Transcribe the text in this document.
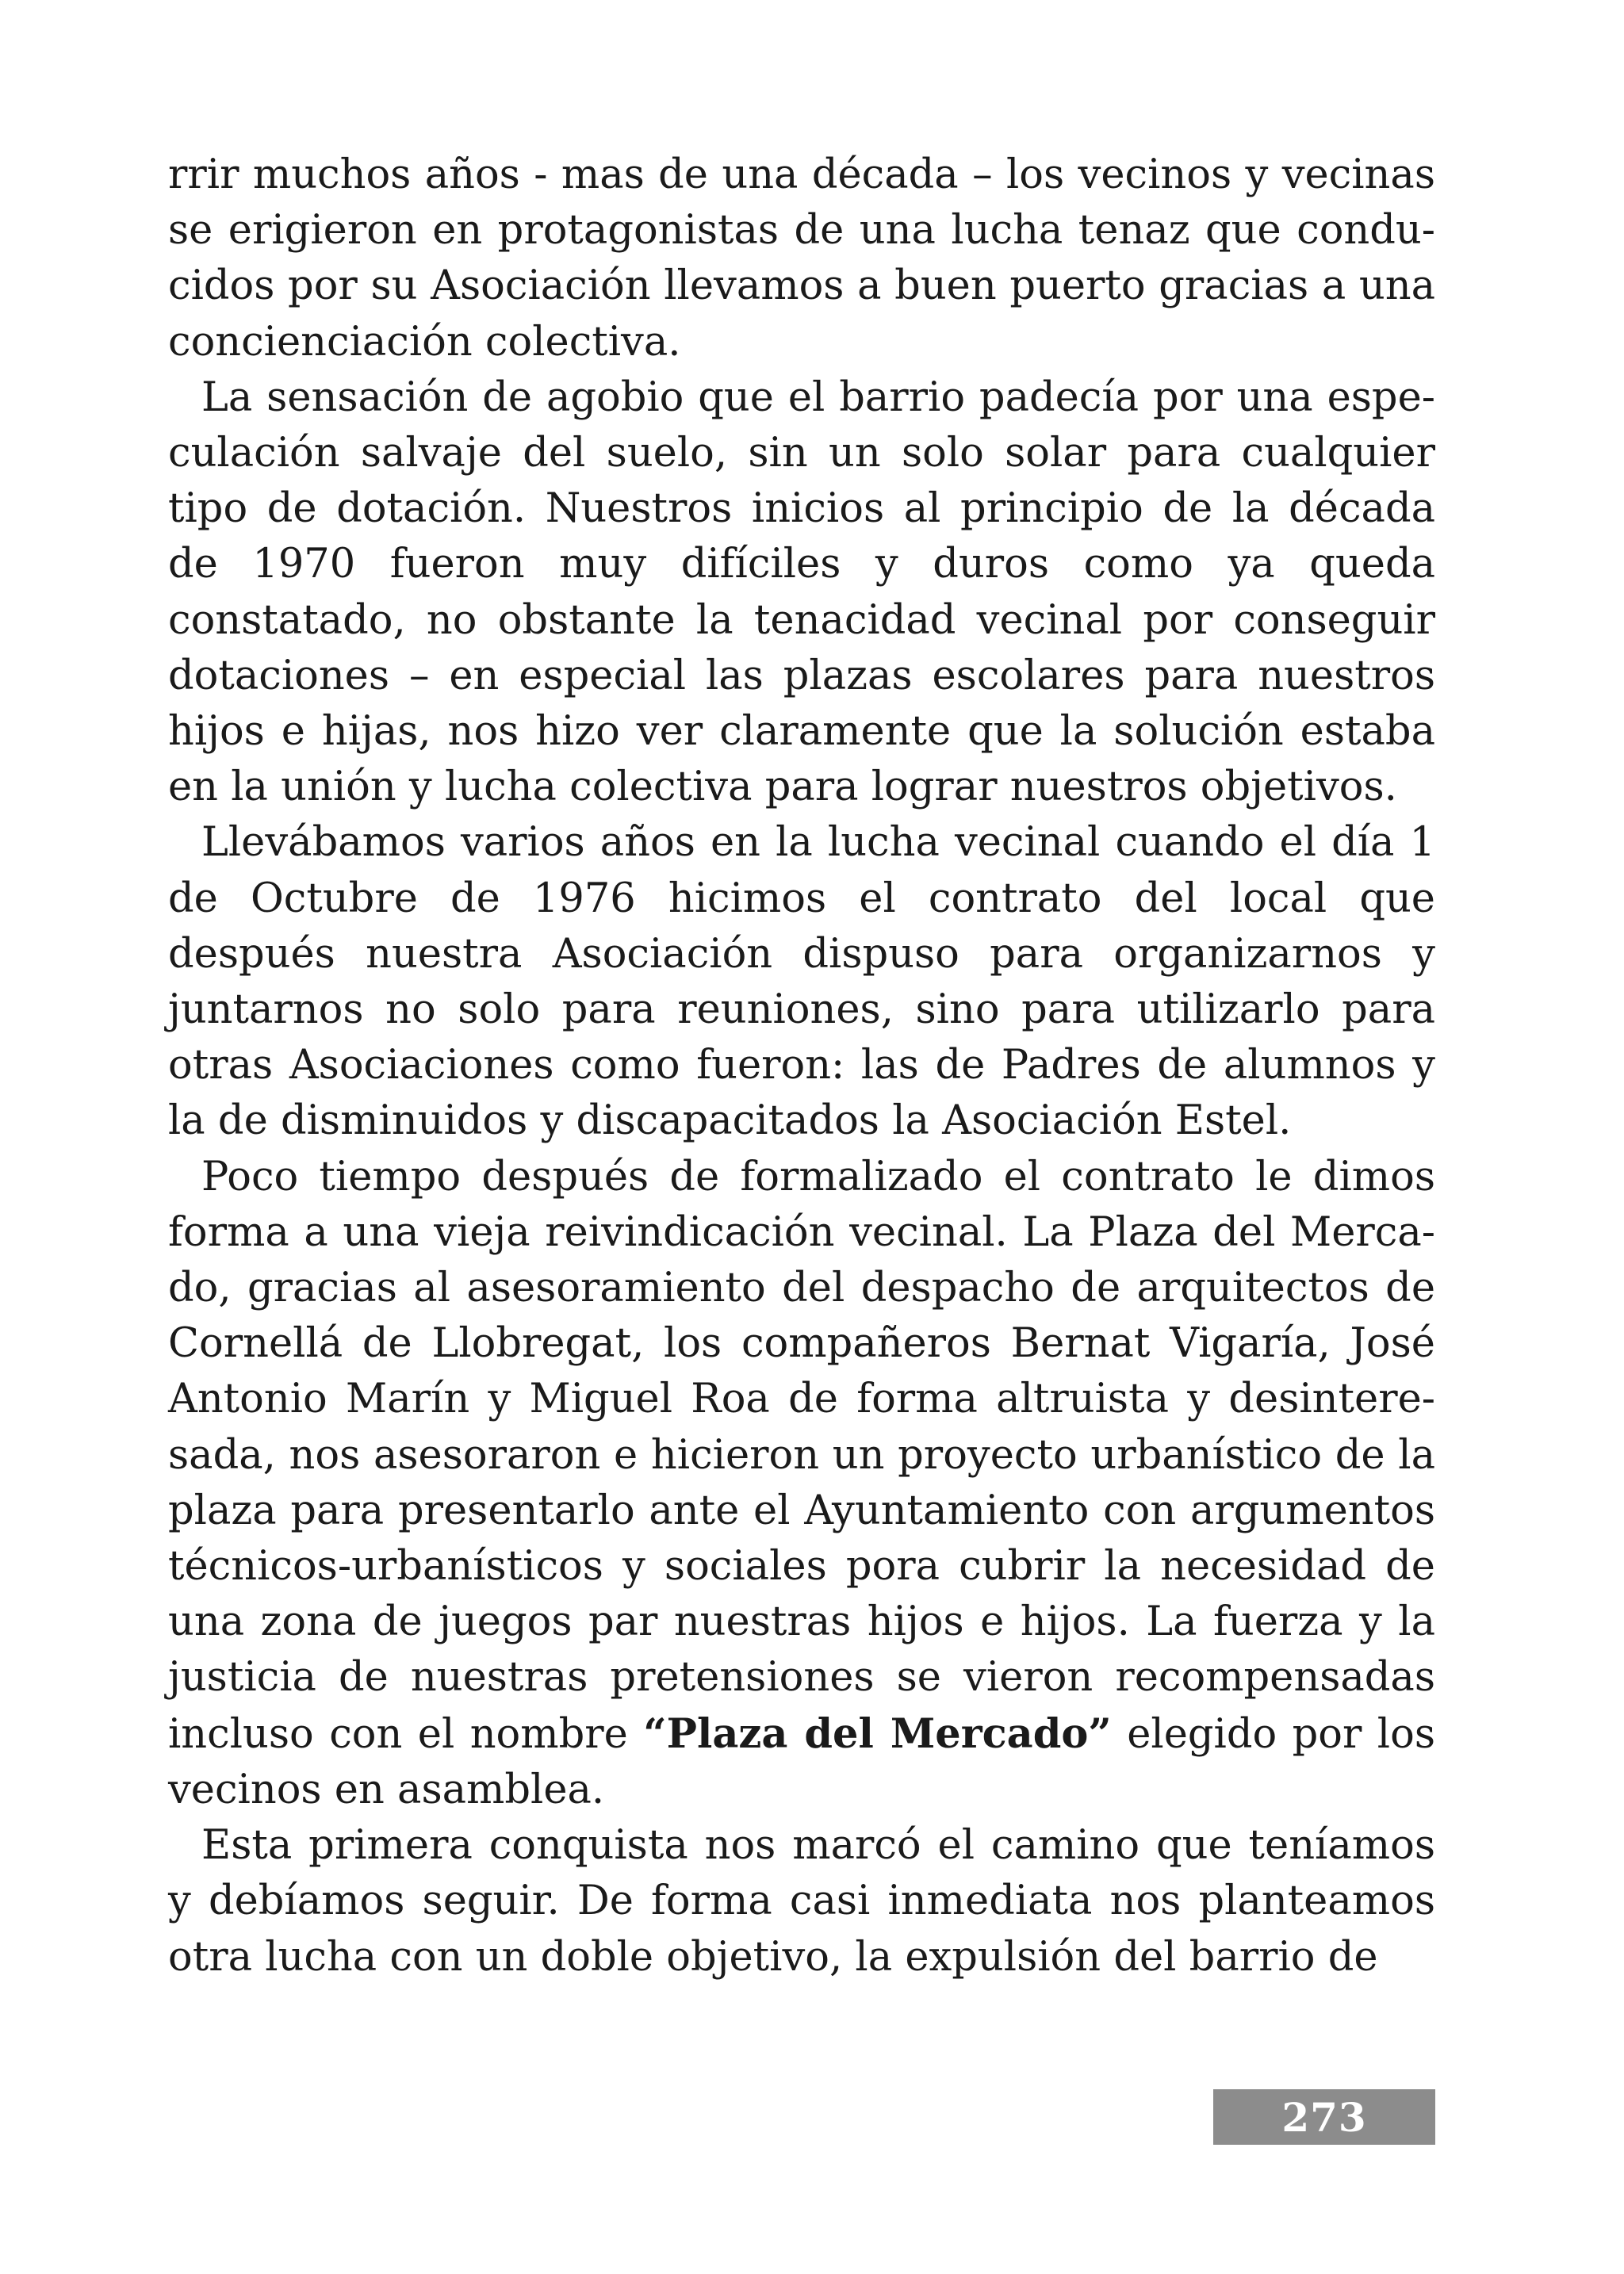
rrir muchos años - mas de una década – los vecinos y vecinas se erigieron en protagonistas de una lucha tenaz que conducidos por su Asociación llevamos a buen puerto gracias a una concienciación colectiva.

La sensación de agobio que el barrio padecía por una especulación salvaje del suelo, sin un solo solar para cualquier tipo de dotación. Nuestros inicios al principio de la década de 1970 fueron muy difíciles y duros como ya queda constatado, no obstante la tenacidad vecinal por conseguir dotaciones – en especial las plazas escolares para nuestros hijos e hijas, nos hizo ver claramente que la solución estaba en la unión y lucha colectiva para lograr nuestros objetivos.

Llevábamos varios años en la lucha vecinal cuando el día 1 de Octubre de 1976 hicimos el contrato del local que después nuestra Asociación dispuso para organizarnos y juntarnos no solo para reuniones, sino para utilizarlo para otras Asociaciones como fueron: las de Padres de alumnos y la de disminuidos y discapacitados la Asociación Estel.

Poco tiempo después de formalizado el contrato le dimos forma a una vieja reivindicación vecinal. La Plaza del Mercado, gracias al asesoramiento del despacho de arquitectos de Cornellá de Llobregat, los compañeros Bernat Vigaría, José Antonio Marín y Miguel Roa de forma altruista y desinteresada, nos asesoraron e hicieron un proyecto urbanístico de la plaza para presentarlo ante el Ayuntamiento con argumentos técnicos-urbanísticos y sociales pora cubrir la necesidad de una zona de juegos par nuestras hijos e hijos. La fuerza y la justicia de nuestras pretensiones se vieron recompensadas incluso con el nombre “Plaza del Mercado” elegido por los vecinos en asamblea.

Esta primera conquista nos marcó el camino que teníamos y debíamos seguir. De forma casi inmediata nos planteamos otra lucha con un doble objetivo, la expulsión del barrio de

273
